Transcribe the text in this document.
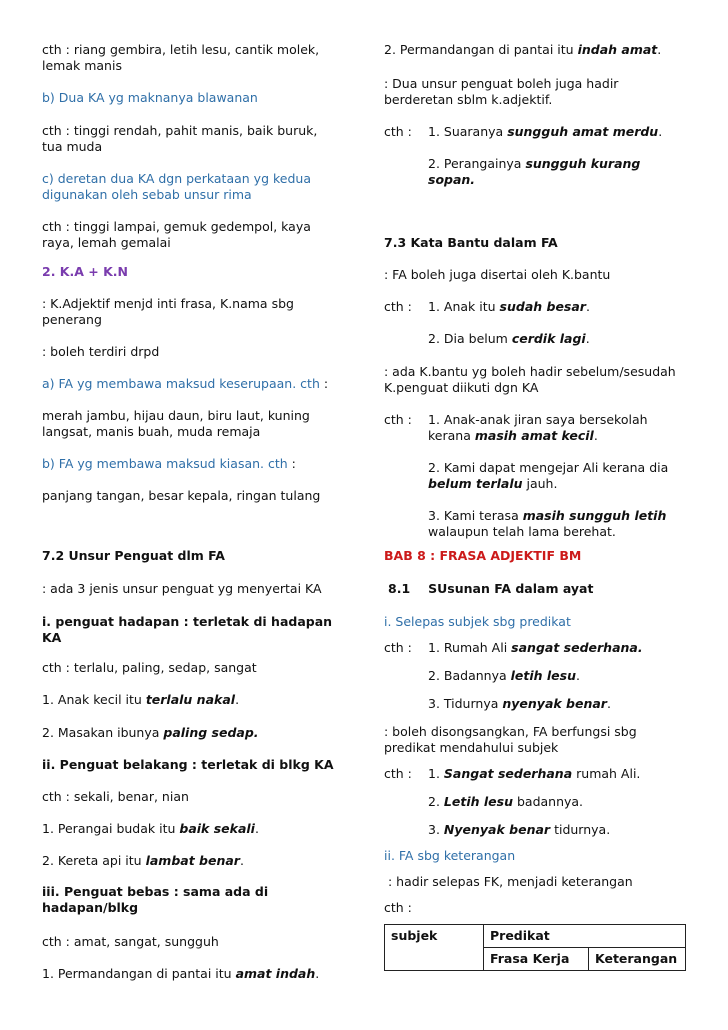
cth : riang gembira, letih lesu, cantik molek,
lemak manis
b) Dua KA yg maknanya blawanan
cth : tinggi rendah, pahit manis, baik buruk,
tua muda
c) deretan dua KA dgn perkataan yg kedua
digunakan oleh sebab unsur rima
cth : tinggi lampai, gemuk gedempol, kaya
raya, lemah gemalai
2. K.A + K.N
: K.Adjektif menjd inti frasa, K.nama sbg
penerang
: boleh terdiri drpd
a) FA yg membawa maksud keserupaan. cth :
merah jambu, hijau daun, biru laut, kuning
langsat, manis buah, muda remaja
b) FA yg membawa maksud kiasan. cth :
panjang tangan, besar kepala, ringan tulang
7.2 Unsur Penguat dlm FA
: ada 3 jenis unsur penguat yg menyertai KA
i. penguat hadapan : terletak di hadapan
KA
cth : terlalu, paling, sedap, sangat
1. Anak kecil itu terlalu nakal.
2. Masakan ibunya paling sedap.
ii. Penguat belakang : terletak di blkg KA
cth : sekali, benar, nian
1. Perangai budak itu baik sekali.
2. Kereta api itu lambat benar.
iii. Penguat bebas : sama ada di
hadapan/blkg
cth : amat, sangat, sungguh
1. Permandangan di pantai itu amat indah.
2. Permandangan di pantai itu indah amat.
: Dua unsur penguat boleh juga hadir
berderetan sblm k.adjektif.
cth : 1. Suaranya sungguh amat merdu.
2. Perangainya sungguh kurang
sopan.
7.3 Kata Bantu dalam FA
: FA boleh juga disertai oleh K.bantu
cth : 1. Anak itu sudah besar.
2. Dia belum cerdik lagi.
: ada K.bantu yg boleh hadir sebelum/sesudah
K.penguat diikuti dgn KA
cth : 1. Anak-anak jiran saya bersekolah
kerana masih amat kecil.
2. Kami dapat mengejar Ali kerana dia
belum terlalu jauh.
3. Kami terasa masih sungguh letih
walaupun telah lama berehat.
BAB 8 : FRASA ADJEKTIF BM
8.1 SUsunan FA dalam ayat
i. Selepas subjek sbg predikat
cth : 1. Rumah Ali sangat sederhana.
2. Badannya letih lesu.
3. Tidurnya nyenyak benar.
: boleh disongsangkan, FA berfungsi sbg
predikat mendahului subjek
cth : 1. Sangat sederhana rumah Ali.
2. Letih lesu badannya.
3. Nyenyak benar tidurnya.
ii. FA sbg keterangan
: hadir selepas FK, menjadi keterangan
cth :
subjek	Predikat	
	Frasa Kerja	Keterangan
